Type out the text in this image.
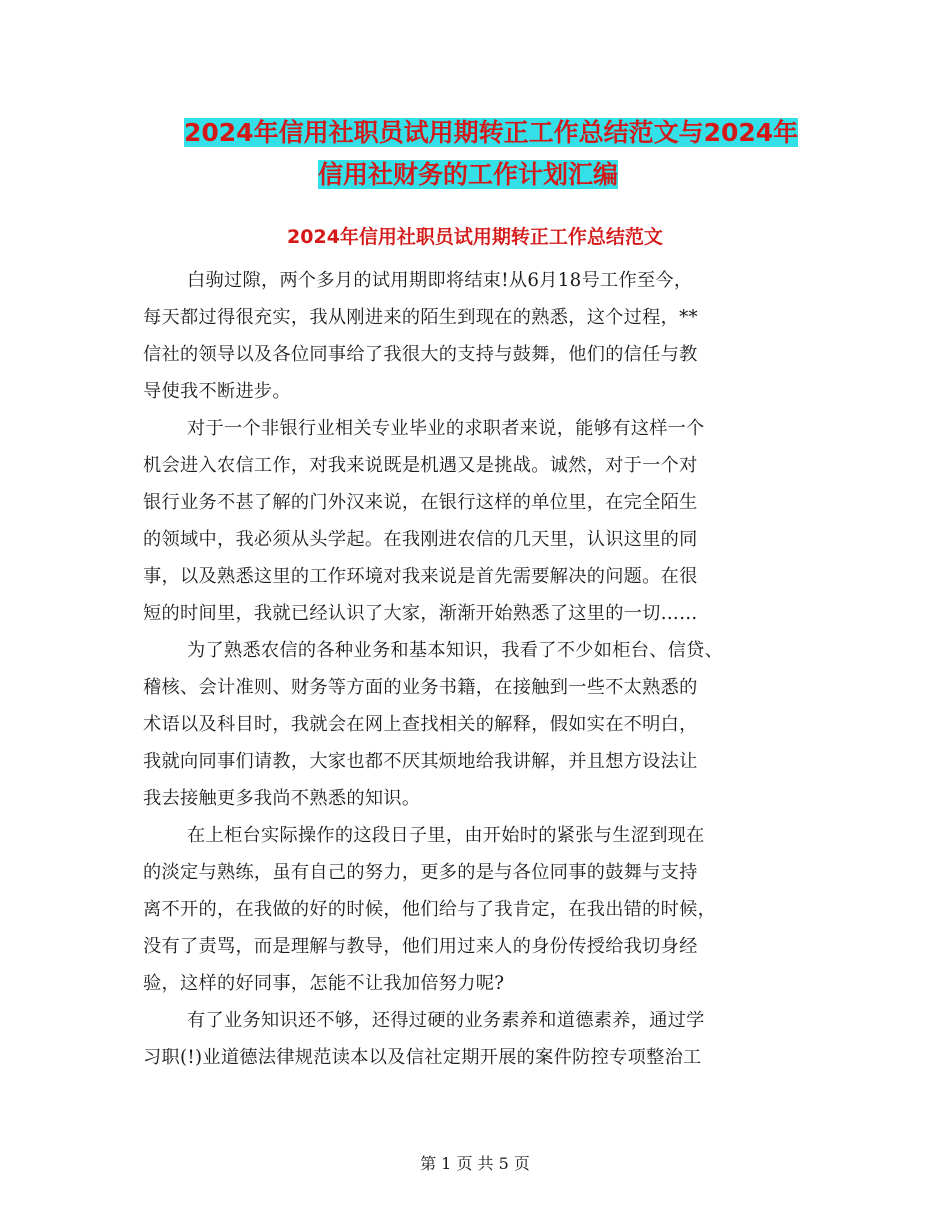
2024年信用社职员试用期转正工作总结范文与2024年
信用社财务的工作计划汇编
2024年信用社职员试用期转正工作总结范文
白驹过隙，两个多月的试用期即将结束!从6月18号工作至今，
每天都过得很充实，我从刚进来的陌生到现在的熟悉，这个过程，**
信社的领导以及各位同事给了我很大的支持与鼓舞，他们的信任与教
导使我不断进步。
对于一个非银行业相关专业毕业的求职者来说，能够有这样一个
机会进入农信工作，对我来说既是机遇又是挑战。诚然，对于一个对
银行业务不甚了解的门外汉来说，在银行这样的单位里，在完全陌生
的领域中，我必须从头学起。在我刚进农信的几天里，认识这里的同
事，以及熟悉这里的工作环境对我来说是首先需要解决的问题。在很
短的时间里，我就已经认识了大家，渐渐开始熟悉了这里的一切……
为了熟悉农信的各种业务和基本知识，我看了不少如柜台、信贷、
稽核、会计准则、财务等方面的业务书籍，在接触到一些不太熟悉的
术语以及科目时，我就会在网上查找相关的解释，假如实在不明白，
我就向同事们请教，大家也都不厌其烦地给我讲解，并且想方设法让
我去接触更多我尚不熟悉的知识。
在上柜台实际操作的这段日子里，由开始时的紧张与生涩到现在
的淡定与熟练，虽有自己的努力，更多的是与各位同事的鼓舞与支持
离不开的，在我做的好的时候，他们给与了我肯定，在我出错的时候，
没有了责骂，而是理解与教导，他们用过来人的身份传授给我切身经
验，这样的好同事，怎能不让我加倍努力呢?
有了业务知识还不够，还得过硬的业务素养和道德素养，通过学
习职(!)业道德法律规范读本以及信社定期开展的案件防控专项整治工
第 1 页 共 5 页
